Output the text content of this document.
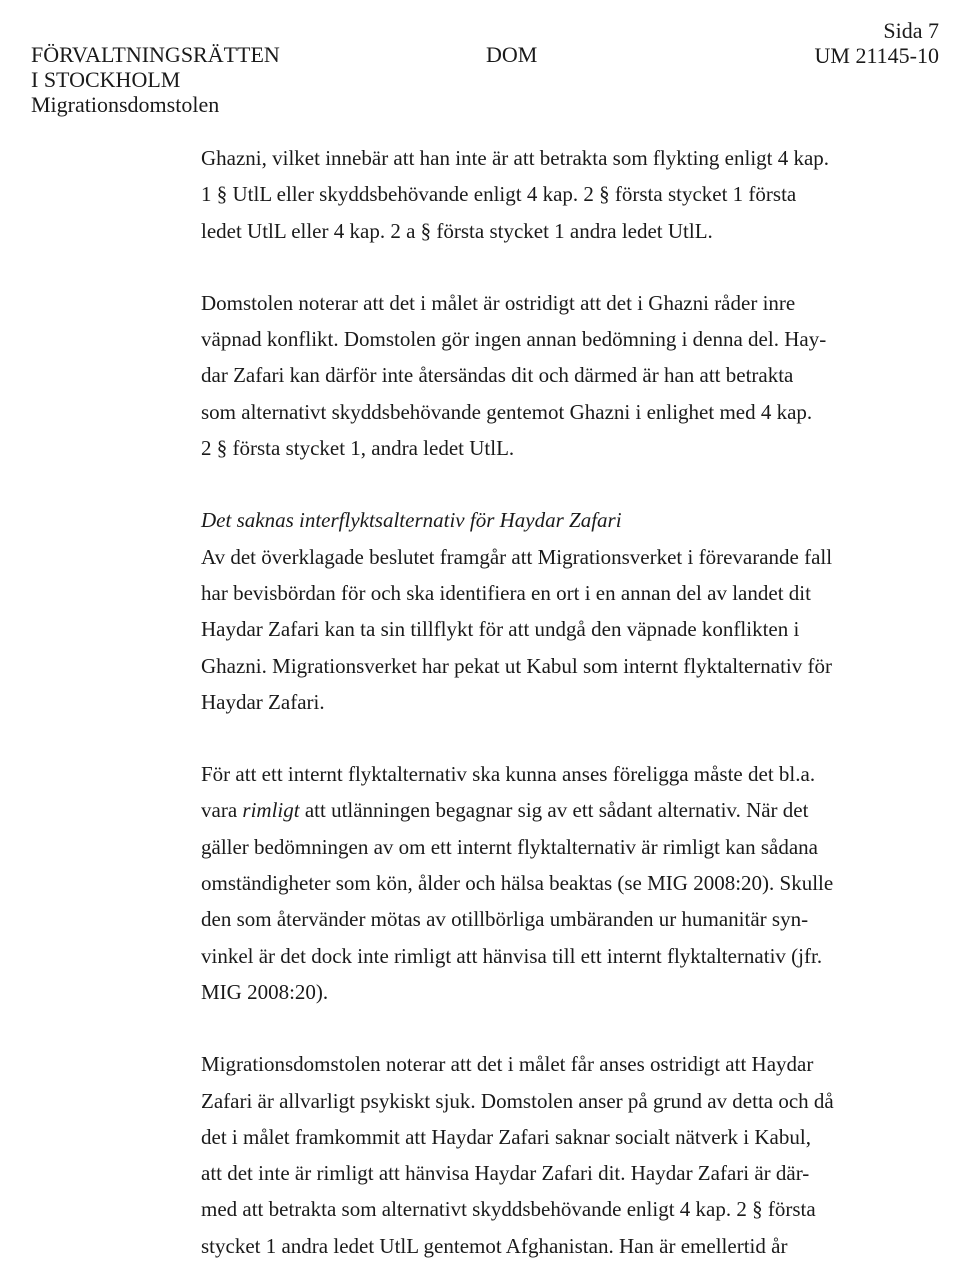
FÖRVALTNINGSRÄTTEN
I STOCKHOLM
Migrationsdomstolen
DOM
Sida 7
UM 21145-10

Ghazni, vilket innebär att han inte är att betrakta som flykting enligt 4 kap.
1 § UtlL eller skyddsbehövande enligt 4 kap. 2 § första stycket 1 första
ledet UtlL eller 4 kap. 2 a § första stycket 1 andra ledet UtlL.

Domstolen noterar att det i målet är ostridigt att det i Ghazni råder inre
väpnad konflikt. Domstolen gör ingen annan bedömning i denna del. Hay-
dar Zafari kan därför inte återsändas dit och därmed är han att betrakta
som alternativt skyddsbehövande gentemot Ghazni i enlighet med 4 kap.
2 § första stycket 1, andra ledet UtlL.

Det saknas interflyktsalternativ för Haydar Zafari

Av det överklagade beslutet framgår att Migrationsverket i förevarande fall
har bevisbördan för och ska identifiera en ort i en annan del av landet dit
Haydar Zafari kan ta sin tillflykt för att undgå den väpnade konflikten i
Ghazni. Migrationsverket har pekat ut Kabul som internt flyktalternativ för
Haydar Zafari.

För att ett internt flyktalternativ ska kunna anses föreligga måste det bl.a.
vara rimligt att utlänningen begagnar sig av ett sådant alternativ. När det
gäller bedömningen av om ett internt flyktalternativ är rimligt kan sådana
omständigheter som kön, ålder och hälsa beaktas (se MIG 2008:20). Skulle
den som återvänder mötas av otillbörliga umbäranden ur humanitär syn-
vinkel är det dock inte rimligt att hänvisa till ett internt flyktalternativ (jfr.
MIG 2008:20).

Migrationsdomstolen noterar att det i målet får anses ostridigt att Haydar
Zafari är allvarligt psykiskt sjuk. Domstolen anser på grund av detta och då
det i målet framkommit att Haydar Zafari saknar socialt nätverk i Kabul,
att det inte är rimligt att hänvisa Haydar Zafari dit. Haydar Zafari är där-
med att betrakta som alternativt skyddsbehövande enligt 4 kap. 2 § första
stycket 1 andra ledet UtlL gentemot Afghanistan. Han är emellertid år
